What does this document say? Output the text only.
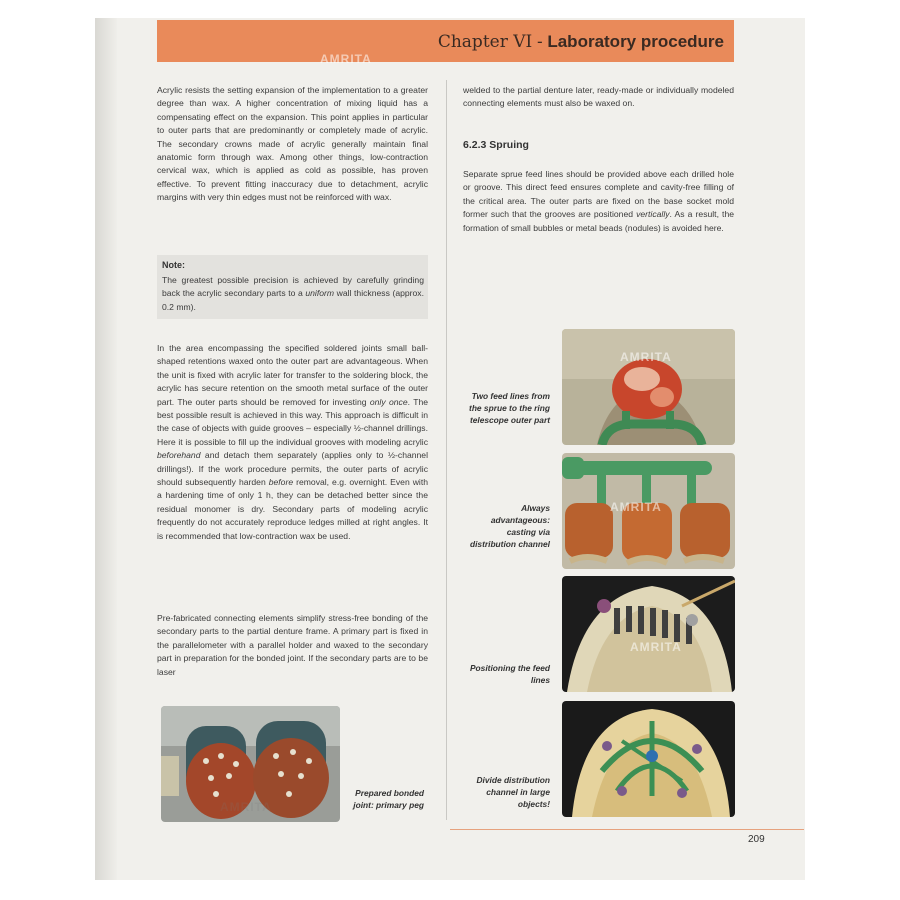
Chapter VI - Laboratory procedure

Acrylic resists the setting expansion of the implementation to a greater degree than wax. A higher concentration of mixing liquid has a compensating effect on the expansion. This point applies in particular to outer parts that are predominantly or completely made of acrylic. The secondary crowns made of acrylic generally maintain final anatomic form through wax. Among other things, low-contraction cervical wax, which is applied as cold as possible, has proven effective. To prevent fitting inaccuracy due to detachment, acrylic margins with very thin edges must not be reinforced with wax.

Note:
The greatest possible precision is achieved by carefully grinding back the acrylic secondary parts to a uniform wall thickness (approx. 0.2 mm).

In the area encompassing the specified soldered joints small ball-shaped retentions waxed onto the outer part are advantageous. When the unit is fixed with acrylic later for transfer to the soldering block, the acrylic has secure retention on the smooth metal surface of the outer part. The outer parts should be removed for investing only once. The best possible result is achieved in this way. This approach is difficult in the case of objects with guide grooves – especially ½-channel drillings. Here it is possible to fill up the individual grooves with modeling acrylic beforehand and detach them separately (applies only to ½-channel drillings!). If the work procedure permits, the outer parts of acrylic should subsequently harden before removal, e.g. overnight. Even with a hardening time of only 1 h, they can be detached better since the residual monomer is dry. Secondary parts of modeling acrylic frequently do not accurately reproduce ledges milled at right angles. It is recommended that low-contraction wax be used.

Pre-fabricated connecting elements simplify stress-free bonding of the secondary parts to the partial denture frame. A primary part is fixed in the parallelometer with a parallel holder and waxed to the secondary part in preparation for the bonded joint. If the secondary parts are to be laser

Prepared bonded joint: primary peg

welded to the partial denture later, ready-made or individually modeled connecting elements must also be waxed on.

6.2.3 Spruing

Separate sprue feed lines should be provided above each drilled hole or groove. This direct feed ensures complete and cavity-free filling of the critical area. The outer parts are fixed on the base socket mold former such that the grooves are positioned vertically. As a result, the formation of small bubbles or metal beads (nodules) is avoided here.

Two feed lines from the sprue to the ring telescope outer part
Always advantageous: casting via distribution channel
Positioning the feed lines
Divide distribution channel in large objects!
209
AMRITA
AMRITA
AMRITA
AMRITA
AMRITA
